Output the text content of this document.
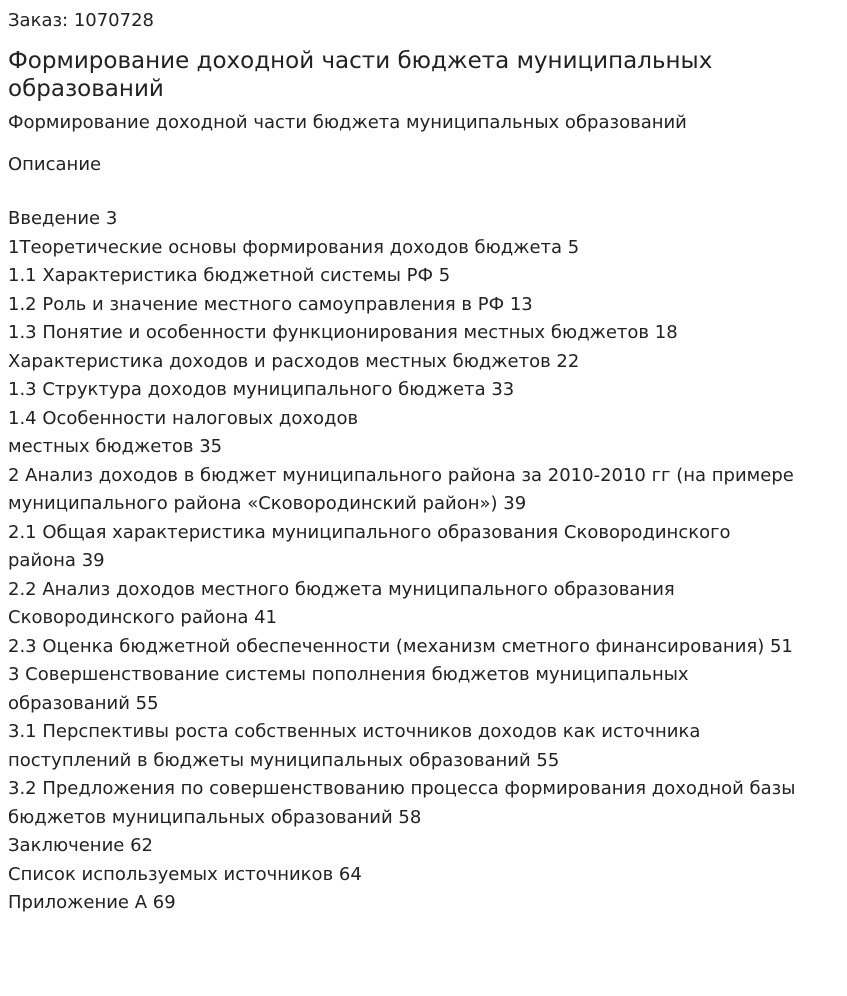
Заказ: 1070728
Формирование доходной части бюджета муниципальных образований
Формирование доходной части бюджета муниципальных образований
Описание
Введение 3
1Теоретические основы формирования доходов бюджета 5
1.1 Характеристика бюджетной системы РФ 5
1.2 Роль и значение местного самоуправления в РФ 13
1.3 Понятие и особенности функционирования местных бюджетов 18
Характеристика доходов и расходов местных бюджетов 22
1.3 Структура доходов муниципального бюджета 33
1.4 Особенности налоговых доходов
местных бюджетов 35
2 Анализ доходов в бюджет муниципального района за 2010-2010 гг (на примере
муниципального района «Сковородинский район») 39
2.1 Общая характеристика муниципального образования Сковородинского
района 39
2.2 Анализ доходов местного бюджета муниципального образования
Сковородинского района 41
2.3 Оценка бюджетной обеспеченности (механизм сметного финансирования) 51
3 Совершенствование системы пополнения бюджетов муниципальных
образований 55
3.1 Перспективы роста собственных источников доходов как источника
поступлений в бюджеты муниципальных образований 55
3.2 Предложения по совершенствованию процесса формирования доходной базы
бюджетов муниципальных образований 58
Заключение 62
Список используемых источников 64
Приложение А 69
